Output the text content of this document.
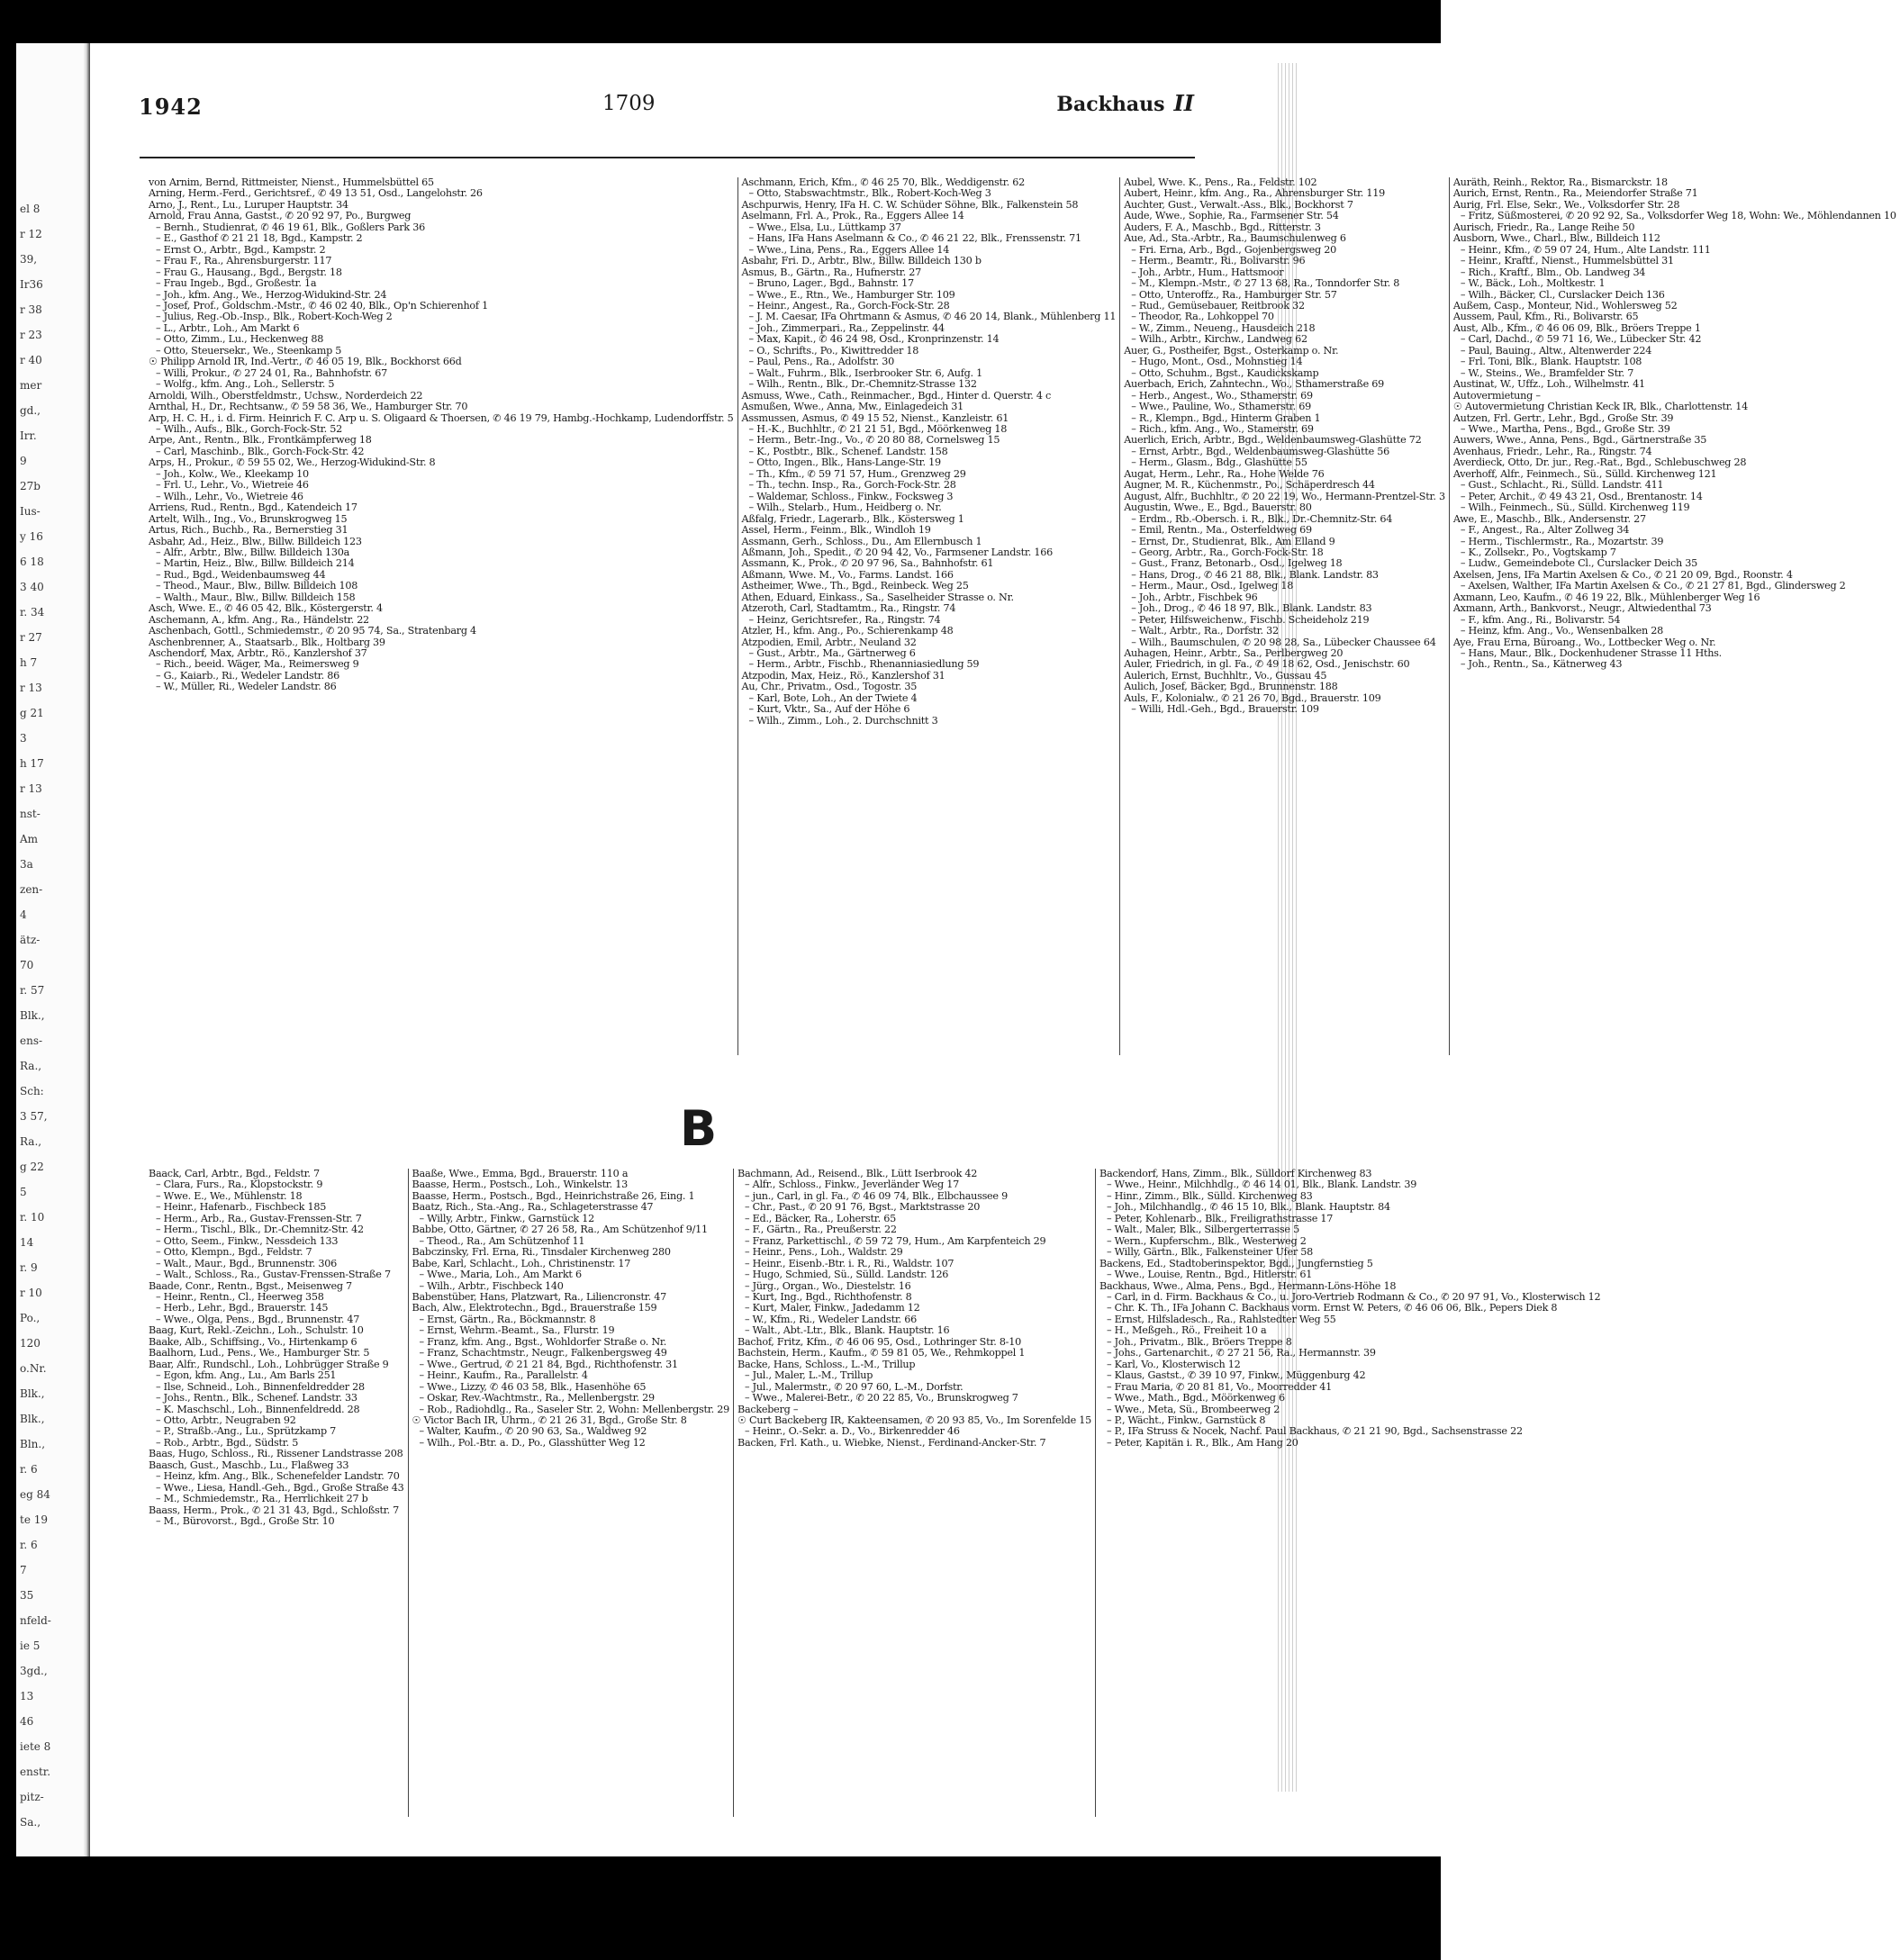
el 8
r 12
39,
Ir36
r 38
r 23
r 40
mer
gd.,
Irr.
9
27b
Ius-
y 16
6 18
3 40
r. 34
r 27
h 7
r 13
g 21
3
h 17
r 13
nst-
Am
3a
zen-
4
ätz-
70
r. 57
Blk.,
ens-
Ra.,
Sch:
3 57,
Ra.,
g 22
5
r. 10
14
r. 9
r 10
Po.,
120
o.Nr.
Blk.,
Blk.,
Bln.,
r. 6
eg 84
te 19
r. 6
7
35
nfeld-
ie 5
3gd.,
13
46
iete 8
enstr.
pitz-
Sa.,
1942	1709	Backhaus II
von Arnim, Bernd, Rittmeister, Nienst., Hummelsbüttel 65
Arning, Herm.-Ferd., Gerichtsref., ✆ 49 13 51, Osd., Langelohstr. 26
Arno, J., Rent., Lu., Luruper Hauptstr. 34
Arnold, Frau Anna, Gastst., ✆ 20 92 97, Po., Burgweg
– Bernh., Studienrat, ✆ 46 19 61, Blk., Goßlers Park 36
– E., Gasthof ✆ 21 21 18, Bgd., Kampstr. 2
– Ernst O., Arbtr., Bgd., Kampstr. 2
– Frau F., Ra., Ahrensburgerstr. 117
– Frau G., Hausang., Bgd., Bergstr. 18
– Frau Ingeb., Bgd., Großestr. 1a
– Joh., kfm. Ang., We., Herzog-Widukind-Str. 24
– Josef, Prof., Goldschm.-Mstr., ✆ 46 02 40, Blk., Op'n Schierenhof 1
– Julius, Reg.-Ob.-Insp., Blk., Robert-Koch-Weg 2
– L., Arbtr., Loh., Am Markt 6
– Otto, Zimm., Lu., Heckenweg 88
– Otto, Steuersekr., We., Steenkamp 5
☉ Philipp Arnold IR, Ind.-Vertr., ✆ 46 05 19, Blk., Bockhorst 66d
– Willi, Prokur., ✆ 27 24 01, Ra., Bahnhofstr. 67
– Wolfg., kfm. Ang., Loh., Sellerstr. 5
Arnoldi, Wilh., Oberstfeldmstr., Uchsw., Norderdeich 22
Arnthal, H., Dr., Rechtsanw., ✆ 59 58 36, We., Hamburger Str. 70
Arp, H. C. H., i. d. Firm. Heinrich F. C. Arp u. S. Oligaard & Thoersen, ✆ 46 19 79, Hambg.-Hochkamp, Ludendorffstr. 5
– Wilh., Aufs., Blk., Gorch-Fock-Str. 52
Arpe, Ant., Rentn., Blk., Frontkämpferweg 18
– Carl, Maschinb., Blk., Gorch-Fock-Str. 42
Arps, H., Prokur., ✆ 59 55 02, We., Herzog-Widukind-Str. 8
– Joh., Kolw., We., Kleekamp 10
– Frl. U., Lehr., Vo., Wietreie 46
– Wilh., Lehr., Vo., Wietreie 46
Arriens, Rud., Rentn., Bgd., Katendeich 17
Artelt, Wilh., Ing., Vo., Brunskrogweg 15
Artus, Rich., Buchb., Ra., Bernerstieg 31
Asbahr, Ad., Heiz., Blw., Billw. Billdeich 123
– Alfr., Arbtr., Blw., Billw. Billdeich 130a
– Martin, Heiz., Blw., Billw. Billdeich 214
– Rud., Bgd., Weidenbaumsweg 44
– Theod., Maur., Blw., Billw. Billdeich 108
– Walth., Maur., Blw., Billw. Billdeich 158
Asch, Wwe. E., ✆ 46 05 42, Blk., Köstergerstr. 4
Aschemann, A., kfm. Ang., Ra., Händelstr. 22
Aschenbach, Gottl., Schmiedemstr., ✆ 20 95 74, Sa., Stratenbarg 4
Aschenbrenner, A., Staatsarb., Blk., Holtbarg 39
Aschendorf, Max, Arbtr., Rö., Kanzlershof 37
– Rich., beeid. Wäger, Ma., Reimersweg 9
– G., Kaiarb., Ri., Wedeler Landstr. 86
– W., Müller, Ri., Wedeler Landstr. 86
Aschmann, Erich, Kfm., ✆ 46 25 70, Blk., Weddigenstr. 62
– Otto, Stabswachtmstr., Blk., Robert-Koch-Weg 3
Aschpurwis, Henry, IFa H. C. W. Schüder Söhne, Blk., Falkenstein 58
Aselmann, Frl. A., Prok., Ra., Eggers Allee 14
– Wwe., Elsa, Lu., Lüttkamp 37
– Hans, IFa Hans Aselmann & Co., ✆ 46 21 22, Blk., Frenssenstr. 71
– Wwe., Lina, Pens., Ra., Eggers Allee 14
Asbahr, Fri. D., Arbtr., Blw., Billw. Billdeich 130 b
Asmus, B., Gärtn., Ra., Hufnerstr. 27
– Bruno, Lager., Bgd., Bahnstr. 17
– Wwe., E., Rtn., We., Hamburger Str. 109
– Heinr., Angest., Ra., Gorch-Fock-Str. 28
– J. M. Caesar, IFa Ohrtmann & Asmus, ✆ 46 20 14, Blank., Mühlenberg 11
– Joh., Zimmerpari., Ra., Zeppelinstr. 44
– Max, Kapit., ✆ 46 24 98, Osd., Kronprinzenstr. 14
– O., Schrifts., Po., Kiwittredder 18
– Paul, Pens., Ra., Adolfstr. 30
– Walt., Fuhrm., Blk., Iserbrooker Str. 6, Aufg. 1
– Wilh., Rentn., Blk., Dr.-Chemnitz-Strasse 132
Asmuss, Wwe., Cath., Reinmacher., Bgd., Hinter d. Querstr. 4 c
Asmußen, Wwe., Anna, Mw., Einlagedeich 31
Assmussen, Asmus, ✆ 49 15 52, Nienst., Kanzleistr. 61
– H.-K., Buchhltr., ✆ 21 21 51, Bgd., Möörkenweg 18
– Herm., Betr.-Ing., Vo., ✆ 20 80 88, Cornelsweg 15
– K., Postbtr., Blk., Schenef. Landstr. 158
– Otto, Ingen., Blk., Hans-Lange-Str. 19
– Th., Kfm., ✆ 59 71 57, Hum., Grenzweg 29
– Th., techn. Insp., Ra., Gorch-Fock-Str. 28
– Waldemar, Schloss., Finkw., Focksweg 3
– Wilh., Stelarb., Hum., Heidberg o. Nr.
Aßfalg, Friedr., Lagerarb., Blk., Köstersweg 1
Assel, Herm., Feinm., Blk., Windloh 19
Assmann, Gerh., Schloss., Du., Am Ellernbusch 1
Aßmann, Joh., Spedit., ✆ 20 94 42, Vo., Farmsener Landstr. 166
Assmann, K., Prok., ✆ 20 97 96, Sa., Bahnhofstr. 61
Aßmann, Wwe. M., Vo., Farms. Landst. 166
Astheimer, Wwe., Th., Bgd., Reinbeck. Weg 25
Athen, Eduard, Einkass., Sa., Saselheider Strasse o. Nr.
Atzeroth, Carl, Stadtamtm., Ra., Ringstr. 74
– Heinz, Gerichtsrefer., Ra., Ringstr. 74
Atzler, H., kfm. Ang., Po., Schierenkamp 48
Atzpodien, Emil, Arbtr., Neuland 32
– Gust., Arbtr., Ma., Gärtnerweg 6
– Herm., Arbtr., Fischb., Rhenanniasiedlung 59
Atzpodin, Max, Heiz., Rö., Kanzlershof 31
Au, Chr., Privatm., Osd., Togostr. 35
– Karl, Bote, Loh., An der Twiete 4
– Kurt, Vktr., Sa., Auf der Höhe 6
– Wilh., Zimm., Loh., 2. Durchschnitt 3
Aubel, Wwe. K., Pens., Ra., Feldstr. 102
Aubert, Heinr., kfm. Ang., Ra., Ahrensburger Str. 119
Auchter, Gust., Verwalt.-Ass., Blk., Bockhorst 7
Aude, Wwe., Sophie, Ra., Farmsener Str. 54
Auders, F. A., Maschb., Bgd., Ritterstr. 3
Aue, Ad., Sta.-Arbtr., Ra., Baumschulenweg 6
– Fri. Erna, Arb., Bgd., Gojenbergsweg 20
– Herm., Beamtr., Ri., Bolivarstr. 96
– Joh., Arbtr., Hum., Hattsmoor
– M., Klempn.-Mstr., ✆ 27 13 68, Ra., Tonndorfer Str. 8
– Otto, Unteroffz., Ra., Hamburger Str. 57
– Rud., Gemüsebauer, Reitbrook 32
– Theodor, Ra., Lohkoppel 70
– W., Zimm., Neueng., Hausdeich 218
– Wilh., Arbtr., Kirchw., Landweg 62
Auer, G., Postheifer, Bgst., Osterkamp o. Nr.
– Hugo, Mont., Osd., Mohnstieg 14
– Otto, Schuhm., Bgst., Kaudickskamp
Auerbach, Erich, Zahntechn., Wo., Sthamerstraße 69
– Herb., Angest., Wo., Sthamerstr. 69
– Wwe., Pauline, Wo., Sthamerstr. 69
– R., Klempn., Bgd., Hinterm Graben 1
– Rich., kfm. Ang., Wo., Stamerstr. 69
Auerlich, Erich, Arbtr., Bgd., Weldenbaumsweg-Glashütte 72
– Ernst, Arbtr., Bgd., Weldenbaumsweg-Glashütte 56
– Herm., Glasm., Bdg., Glashütte 55
Augat, Herm., Lehr., Ra., Hohe Welde 76
Augner, M. R., Küchenmstr., Po., Schäperdresch 44
August, Alfr., Buchhltr., ✆ 20 22 19, Wo., Hermann-Prentzel-Str. 3
Augustin, Wwe., E., Bgd., Bauerstr. 80
– Erdm., Rb.-Obersch. i. R., Blk., Dr.-Chemnitz-Str. 64
– Emil, Rentn., Ma., Osterfeldweg 69
– Ernst, Dr., Studienrat, Blk., Am Elland 9
– Georg, Arbtr., Ra., Gorch-Fock-Str. 18
– Gust., Franz, Betonarb., Osd., Igelweg 18
– Hans, Drog., ✆ 46 21 88, Blk., Blank. Landstr. 83
– Herm., Maur., Osd., Igelweg 18
– Joh., Arbtr., Fischbek 96
– Joh., Drog., ✆ 46 18 97, Blk., Blank. Landstr. 83
– Peter, Hilfsweichenw., Fischb. Scheideholz 219
– Walt., Arbtr., Ra., Dorfstr. 32
– Wilh., Baumschulen, ✆ 20 98 28, Sa., Lübecker Chaussee 64
Auhagen, Heinr., Arbtr., Sa., Perlbergweg 20
Auler, Friedrich, in gl. Fa., ✆ 49 18 62, Osd., Jenischstr. 60
Aulerich, Ernst, Buchhltr., Vo., Gussau 45
Aulich, Josef, Bäcker, Bgd., Brunnenstr. 188
Auls, F., Kolonialw., ✆ 21 26 70, Bgd., Brauerstr. 109
– Willi, Hdl.-Geh., Bgd., Brauerstr. 109
Auräth, Reinh., Rektor, Ra., Bismarckstr. 18
Aurich, Ernst, Rentn., Ra., Meiendorfer Straße 71
Aurig, Frl. Else, Sekr., We., Volksdorfer Str. 28
– Fritz, Süßmosterei, ✆ 20 92 92, Sa., Volksdorfer Weg 18, Wohn: We., Möhlendannen 10
Aurisch, Friedr., Ra., Lange Reihe 50
Ausborn, Wwe., Charl., Blw., Billdeich 112
– Heinr., Kfm., ✆ 59 07 24, Hum., Alte Landstr. 111
– Heinr., Kraftf., Nienst., Hummelsbüttel 31
– Rich., Kraftf., Blm., Ob. Landweg 34
– W., Bäck., Loh., Moltkestr. 1
– Wilh., Bäcker, Cl., Curslacker Deich 136
Außem, Casp., Monteur, Nid., Wohlersweg 52
Aussem, Paul, Kfm., Ri., Bolivarstr. 65
Aust, Alb., Kfm., ✆ 46 06 09, Blk., Bröers Treppe 1
– Carl, Dachd., ✆ 59 71 16, We., Lübecker Str. 42
– Paul, Bauing., Altw., Altenwerder 224
– Frl. Toni, Blk., Blank. Hauptstr. 108
– W., Steins., We., Bramfelder Str. 7
Austinat, W., Uffz., Loh., Wilhelmstr. 41
Autovermietung –
☉ Autovermietung Christian Keck IR, Blk., Charlottenstr. 14
Autzen, Frl. Gertr., Lehr., Bgd., Große Str. 39
– Wwe., Martha, Pens., Bgd., Große Str. 39
Auwers, Wwe., Anna, Pens., Bgd., Gärtnerstraße 35
Avenhaus, Friedr., Lehr., Ra., Ringstr. 74
Averdieck, Otto, Dr. jur., Reg.-Rat., Bgd., Schlebuschweg 28
Averhoff, Alfr., Feinmech., Sü., Sülld. Kirchenweg 121
– Gust., Schlacht., Ri., Sülld. Landstr. 411
– Peter, Archit., ✆ 49 43 21, Osd., Brentanostr. 14
– Wilh., Feinmech., Sü., Sülld. Kirchenweg 119
Awe, E., Maschb., Blk., Andersenstr. 27
– F., Angest., Ra., Alter Zollweg 34
– Herm., Tischlermstr., Ra., Mozartstr. 39
– K., Zollsekr., Po., Vogtskamp 7
– Ludw., Gemeindebote Cl., Curslacker Deich 35
Axelsen, Jens, IFa Martin Axelsen & Co., ✆ 21 20 09, Bgd., Roonstr. 4
– Axelsen, Walther, IFa Martin Axelsen & Co., ✆ 21 27 81, Bgd., Glindersweg 2
Axmann, Leo, Kaufm., ✆ 46 19 22, Blk., Mühlenberger Weg 16
Axmann, Arth., Bankvorst., Neugr., Altwiedenthal 73
– F., kfm. Ang., Ri., Bolivarstr. 54
– Heinz, kfm. Ang., Vo., Wensenbalken 28
Aye, Frau Erna, Büroang., Wo., Lottbecker Weg o. Nr.
– Hans, Maur., Blk., Dockenhudener Strasse 11 Hths.
– Joh., Rentn., Sa., Kätnerweg 43
B
Baack, Carl, Arbtr., Bgd., Feldstr. 7
– Clara, Furs., Ra., Klopstockstr. 9
– Wwe. E., We., Mühlenstr. 18
– Heinr., Hafenarb., Fischbeck 185
– Herm., Arb., Ra., Gustav-Frenssen-Str. 7
– Herm., Tischl., Blk., Dr.-Chemnitz-Str. 42
– Otto, Seem., Finkw., Nessdeich 133
– Otto, Klempn., Bgd., Feldstr. 7
– Walt., Maur., Bgd., Brunnenstr. 306
– Walt., Schloss., Ra., Gustav-Frenssen-Straße 7
Baade, Conr., Rentn., Bgst., Meisenweg 7
– Heinr., Rentn., Cl., Heerweg 358
– Herb., Lehr., Bgd., Brauerstr. 145
– Wwe., Olga, Pens., Bgd., Brunnenstr. 47
Baag, Kurt, Rekl.-Zeichn., Loh., Schulstr. 10
Baake, Alb., Schiffsing., Vo., Hirtenkamp 6
Baalhorn, Lud., Pens., We., Hamburger Str. 5
Baar, Alfr., Rundschl., Loh., Lohbrügger Straße 9
– Egon, kfm. Ang., Lu., Am Barls 251
– Ilse, Schneid., Loh., Binnenfeldredder 28
– Johs., Rentn., Blk., Schenef. Landstr. 33
– K. Maschschl., Loh., Binnenfeldredd. 28
– Otto, Arbtr., Neugraben 92
– P., Straßb.-Ang., Lu., Sprützkamp 7
– Rob., Arbtr., Bgd., Südstr. 5
Baas, Hugo, Schloss., Ri., Rissener Landstrasse 208
Baasch, Gust., Maschb., Lu., Flaßweg 33
– Heinz, kfm. Ang., Blk., Schenefelder Landstr. 70
– Wwe., Liesa, Handl.-Geh., Bgd., Große Straße 43
– M., Schmiedemstr., Ra., Herrlichkeit 27 b
Baass, Herm., Prok., ✆ 21 31 43, Bgd., Schloßstr. 7
– M., Bürovorst., Bgd., Große Str. 10
Baaße, Wwe., Emma, Bgd., Brauerstr. 110 a
Baasse, Herm., Postsch., Loh., Winkelstr. 13
Baasse, Herm., Postsch., Bgd., Heinrichstraße 26, Eing. 1
Baatz, Rich., Sta.-Ang., Ra., Schlageterstrasse 47
– Willy, Arbtr., Finkw., Garnstück 12
Babbe, Otto, Gärtner, ✆ 27 26 58, Ra., Am Schützenhof 9/11
– Theod., Ra., Am Schützenhof 11
Babczinsky, Frl. Erna, Ri., Tinsdaler Kirchenweg 280
Babe, Karl, Schlacht., Loh., Christinenstr. 17
– Wwe., Maria, Loh., Am Markt 6
– Wilh., Arbtr., Fischbeck 140
Babenstüber, Hans, Platzwart, Ra., Liliencronstr. 47
Bach, Alw., Elektrotechn., Bgd., Brauerstraße 159
– Ernst, Gärtn., Ra., Böckmannstr. 8
– Ernst, Wehrm.-Beamt., Sa., Flurstr. 19
– Franz, kfm. Ang., Bgst., Wohldorfer Straße o. Nr.
– Franz, Schachtmstr., Neugr., Falkenbergsweg 49
– Wwe., Gertrud, ✆ 21 21 84, Bgd., Richthofenstr. 31
– Heinr., Kaufm., Ra., Parallelstr. 4
– Wwe., Lizzy, ✆ 46 03 58, Blk., Hasenhöhe 65
– Oskar, Rev.-Wachtmstr., Ra., Mellenbergstr. 29
– Rob., Radiohdlg., Ra., Saseler Str. 2, Wohn: Mellenbergstr. 29
☉ Victor Bach IR, Uhrm., ✆ 21 26 31, Bgd., Große Str. 8
– Walter, Kaufm., ✆ 20 90 63, Sa., Waldweg 92
– Wilh., Pol.-Btr. a. D., Po., Glasshütter Weg 12
Bachmann, Ad., Reisend., Blk., Lütt Iserbrook 42
– Alfr., Schloss., Finkw., Jeverländer Weg 17
– jun., Carl, in gl. Fa., ✆ 46 09 74, Blk., Elbchaussee 9
– Chr., Past., ✆ 20 91 76, Bgst., Marktstrasse 20
– Ed., Bäcker, Ra., Loherstr. 65
– F., Gärtn., Ra., Preußerstr. 22
– Franz, Parkettischl., ✆ 59 72 79, Hum., Am Karpfenteich 29
– Heinr., Pens., Loh., Waldstr. 29
– Heinr., Eisenb.-Btr. i. R., Ri., Waldstr. 107
– Hugo, Schmied, Sü., Sülld. Landstr. 126
– Jürg., Organ., Wo., Diestelstr. 16
– Kurt, Ing., Bgd., Richthofenstr. 8
– Kurt, Maler, Finkw., Jadedamm 12
– W., Kfm., Ri., Wedeler Landstr. 66
– Walt., Abt.-Ltr., Blk., Blank. Hauptstr. 16
Bachof, Fritz, Kfm., ✆ 46 06 95, Osd., Lothringer Str. 8-10
Bachstein, Herm., Kaufm., ✆ 59 81 05, We., Rehmkoppel 1
Backe, Hans, Schloss., L.-M., Trillup
– Jul., Maler, L.-M., Trillup
– Jul., Malermstr., ✆ 20 97 60, L.-M., Dorfstr.
– Wwe., Malerei-Betr., ✆ 20 22 85, Vo., Brunskrogweg 7
Backeberg –
☉ Curt Backeberg IR, Kakteensamen, ✆ 20 93 85, Vo., Im Sorenfelde 15
– Heinr., O.-Sekr. a. D., Vo., Birkenredder 46
Backen, Frl. Kath., u. Wiebke, Nienst., Ferdinand-Ancker-Str. 7
Backendorf, Hans, Zimm., Blk., Sülldorf Kirchenweg 83
– Wwe., Heinr., Milchhdlg., ✆ 46 14 01, Blk., Blank. Landstr. 39
– Hinr., Zimm., Blk., Sülld. Kirchenweg 83
– Joh., Milchhandlg., ✆ 46 15 10, Blk., Blank. Hauptstr. 84
– Peter, Kohlenarb., Blk., Freiligrathstrasse 17
– Walt., Maler, Blk., Silbergerterrasse 5
– Wern., Kupferschm., Blk., Westerweg 2
– Willy, Gärtn., Blk., Falkensteiner Ufer 58
Backens, Ed., Stadtoberinspektor, Bgd., Jungfernstieg 5
– Wwe., Louise, Rentn., Bgd., Hitlerstr. 61
Backhaus, Wwe., Alma, Pens., Bgd., Hermann-Löns-Höhe 18
– Carl, in d. Firm. Backhaus & Co., u. Joro-Vertrieb Rodmann & Co., ✆ 20 97 91, Vo., Klosterwisch 12
– Chr. K. Th., IFa Johann C. Backhaus vorm. Ernst W. Peters, ✆ 46 06 06, Blk., Pepers Diek 8
– Ernst, Hilfsladesch., Ra., Rahlstedter Weg 55
– H., Meßgeh., Rö., Freiheit 10 a
– Joh., Privatm., Blk., Bröers Treppe 8
– Johs., Gartenarchit., ✆ 27 21 56, Ra., Hermannstr. 39
– Karl, Vo., Klosterwisch 12
– Klaus, Gastst., ✆ 39 10 97, Finkw., Müggenburg 42
– Frau Maria, ✆ 20 81 81, Vo., Moorredder 41
– Wwe., Math., Bgd., Möörkenweg 6
– Wwe., Meta, Sü., Brombeerweg 2
– P., Wächt., Finkw., Garnstück 8
– P., IFa Struss & Nocek, Nachf. Paul Backhaus, ✆ 21 21 90, Bgd., Sachsenstrasse 22
– Peter, Kapitän i. R., Blk., Am Hang 20
